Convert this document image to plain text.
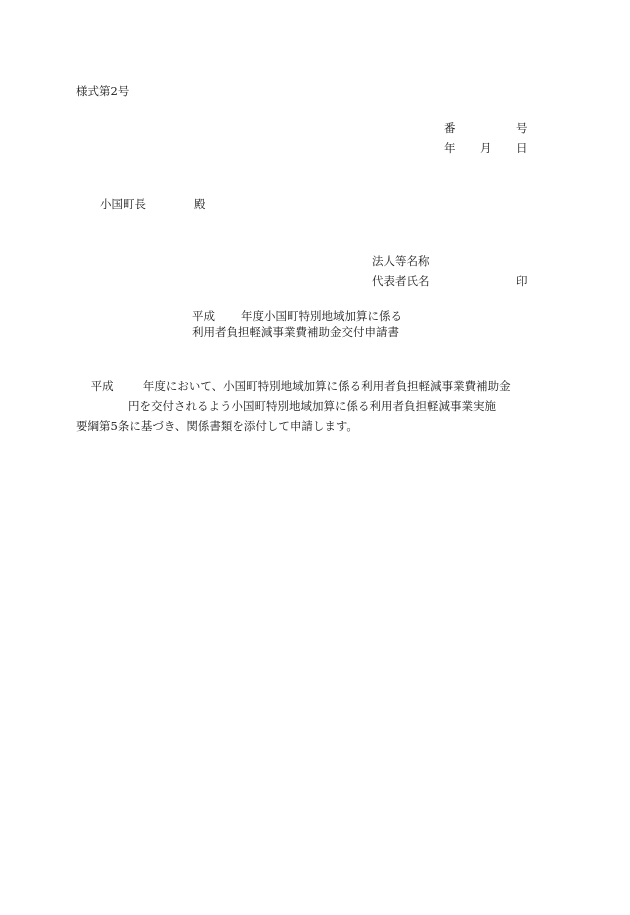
様式第2号
番	号
年 月 日
小国町長	殿
法人等名称
代表者氏名	印
平成 年度小国町特別地域加算に係る
利用者負担軽減事業費補助金交付申請書
平成	年度において、小国町特別地域加算に係る利用者負担軽減事業費補助金
円を交付されるよう小国町特別地域加算に係る利用者負担軽減事業実施
要綱第5条に基づき、関係書類を添付して申請します。
